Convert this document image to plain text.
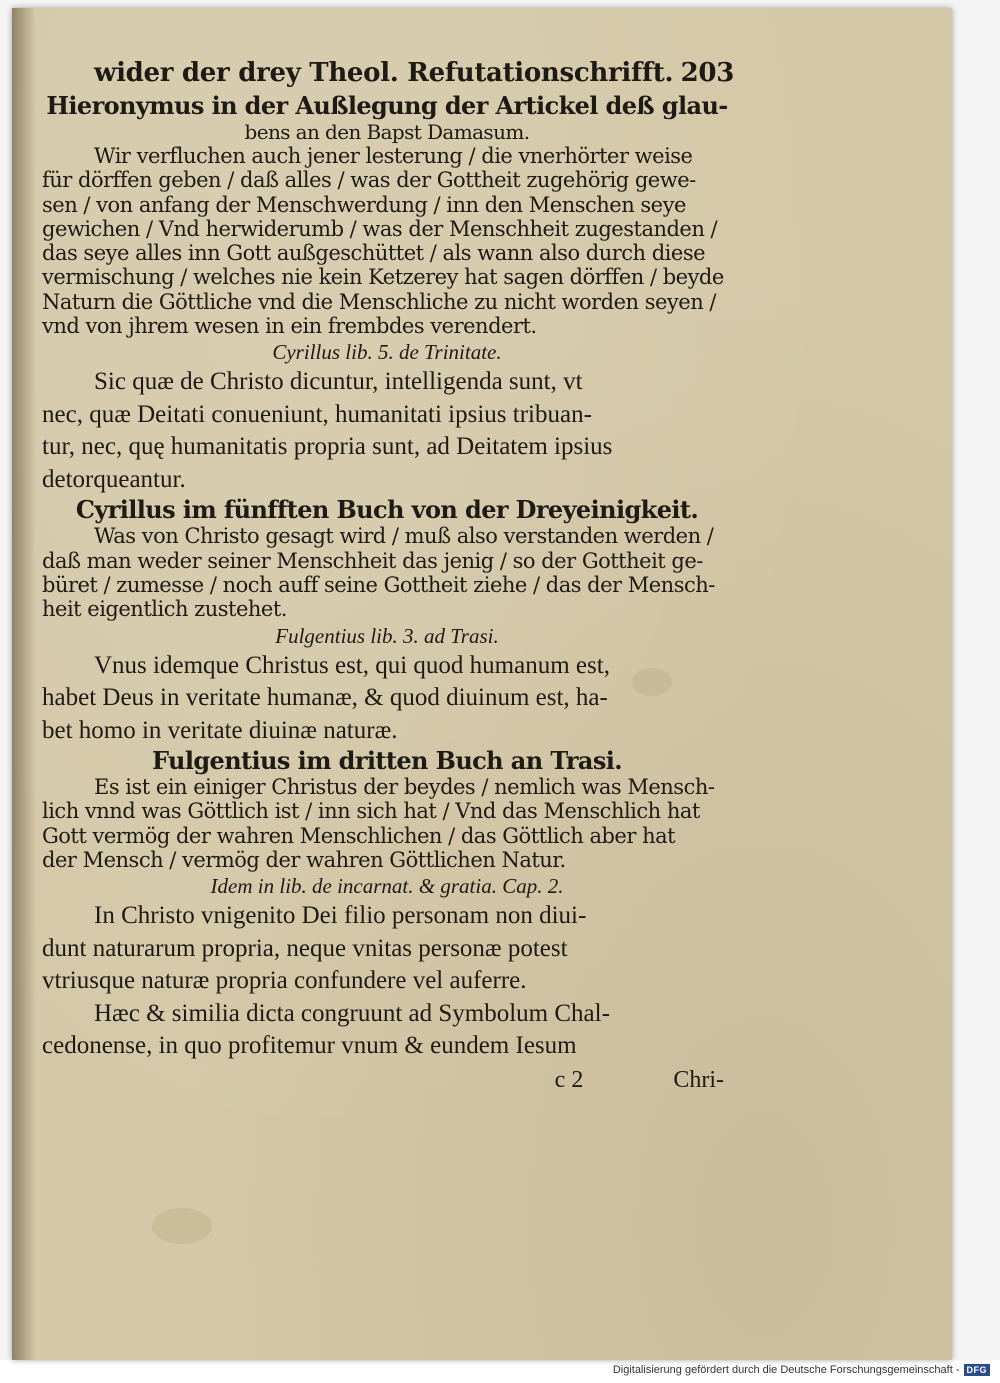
wider der drey Theol. Refutationschrifft. 203
Hieronymus in der Außlegung der Artickel deß glau-
bens an den Bapst Damasum.
Wir verfluchen auch jener lesterung / die vnerhörter weise
für dörffen geben / daß alles / was der Gottheit zugehörig gewe-
sen / von anfang der Menschwerdung / inn den Menschen seye
gewichen / Vnd herwiderumb / was der Menschheit zugestanden /
das seye alles inn Gott außgeschüttet / als wann also durch diese
vermischung / welches nie kein Ketzerey hat sagen dörffen / beyde
Naturn die Göttliche vnd die Menschliche zu nicht worden seyen /
vnd von jhrem wesen in ein frembdes verendert.
Cyrillus lib. 5. de Trinitate.
Sic quæ de Christo dicuntur, intelligenda sunt, vt
nec, quæ Deitati conueniunt, humanitati ipsius tribuan-
tur, nec, quę humanitatis propria sunt, ad Deitatem ipsius
detorqueantur.
Cyrillus im fünfften Buch von der Dreyeinigkeit.
Was von Christo gesagt wird / muß also verstanden werden /
daß man weder seiner Menschheit das jenig / so der Gottheit ge-
büret / zumesse / noch auff seine Gottheit ziehe / das der Mensch-
heit eigentlich zustehet.
Fulgentius lib. 3. ad Trasi.
Vnus idemque Christus est, qui quod humanum est,
habet Deus in veritate humanæ, & quod diuinum est, ha-
bet homo in veritate diuinæ naturæ.
Fulgentius im dritten Buch an Trasi.
Es ist ein einiger Christus der beydes / nemlich was Mensch-
lich vnnd was Göttlich ist / inn sich hat / Vnd das Menschlich hat
Gott vermög der wahren Menschlichen / das Göttlich aber hat
der Mensch / vermög der wahren Göttlichen Natur.
Idem in lib. de incarnat. & gratia. Cap. 2.
In Christo vnigenito Dei filio personam non diui-
dunt naturarum propria, neque vnitas personæ potest
vtriusque naturæ propria confundere vel auferre.
Hæc & similia dicta congruunt ad Symbolum Chal-
cedonense, in quo profitemur vnum & eundem Iesum
c 2	Chri-
Digitalisierung gefördert durch die Deutsche Forschungsgemeinschaft - DFG
